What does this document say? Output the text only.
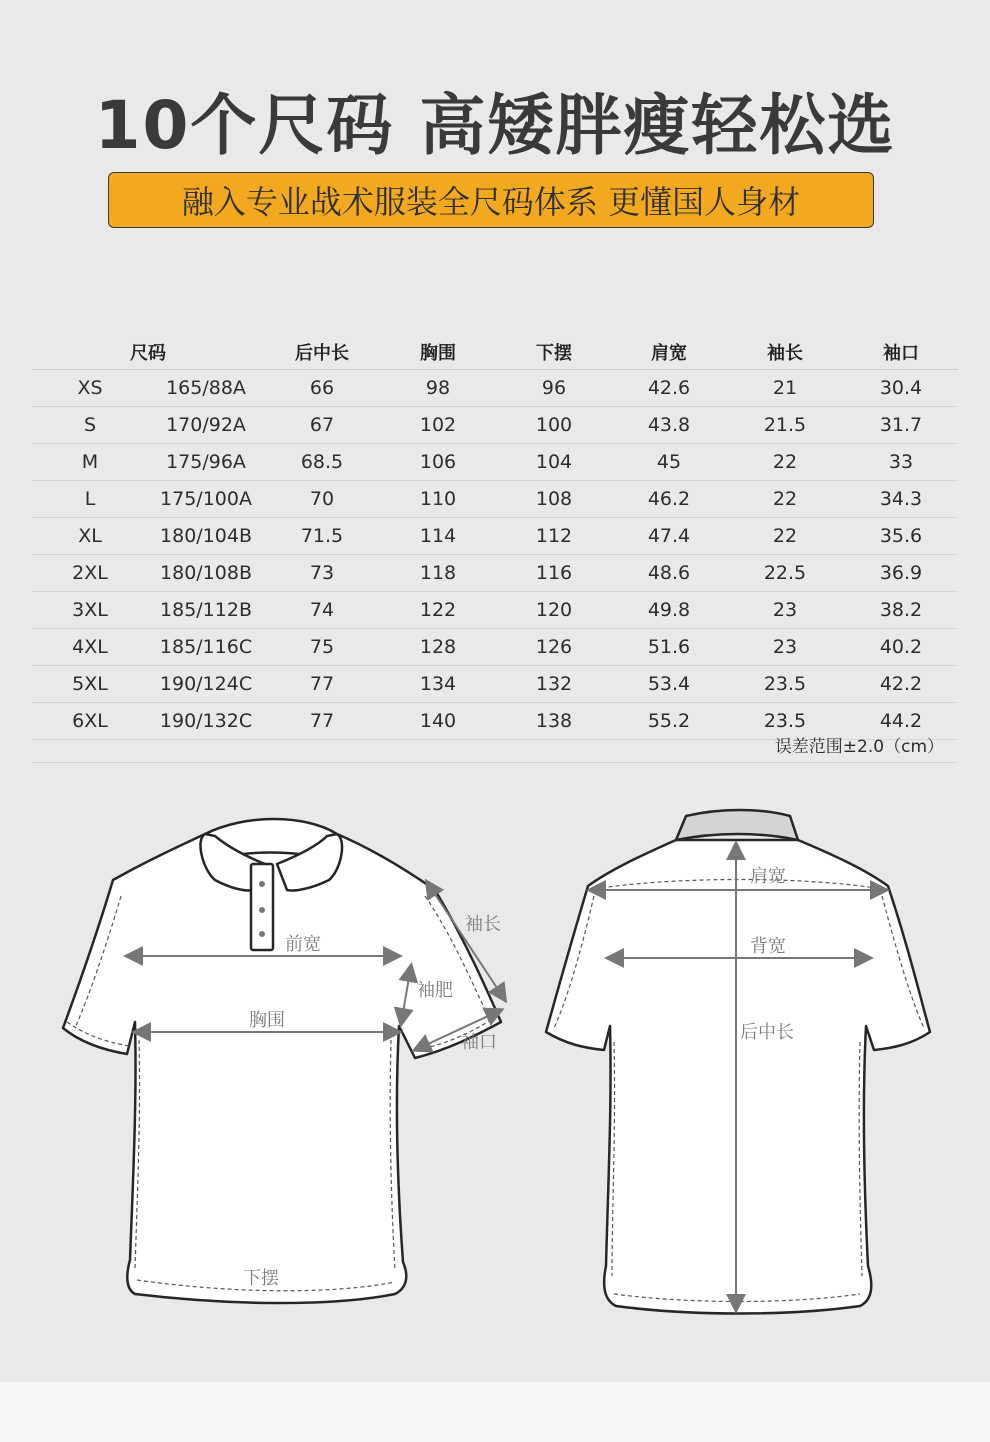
10个尺码 高矮胖瘦轻松选
融入专业战术服装全尺码体系 更懂国人身材
尺码	后中长	胸围	下摆	肩宽	袖长	袖口
XS	165/88A	66	98	96	42.6	21	30.4
S	170/92A	67	102	100	43.8	21.5	31.7
M	175/96A	68.5	106	104	45	22	33
L	175/100A	70	110	108	46.2	22	34.3
XL	180/104B	71.5	114	112	47.4	22	35.6
2XL	180/108B	73	118	116	48.6	22.5	36.9
3XL	185/112B	74	122	120	49.8	23	38.2
4XL	185/116C	75	128	126	51.6	23	40.2
5XL	190/124C	77	134	132	53.4	23.5	42.2
6XL	190/132C	77	140	138	55.2	23.5	44.2
误差范围±2.0（cm）
前宽
胸围
袖长
袖肥
袖口
下摆
肩宽
背宽
后中长
